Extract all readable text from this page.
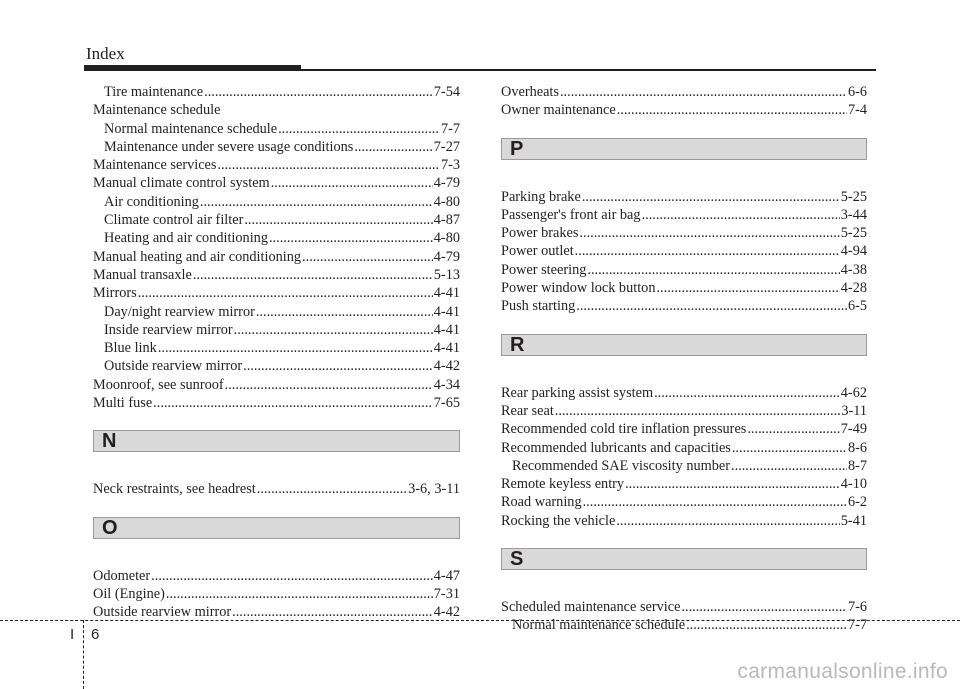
Index
Tire maintenance .....	7-54
Maintenance schedule
Normal maintenance schedule .....	7-7
Maintenance under severe usage conditions .....	7-27
Maintenance services .....	7-3
Manual climate control system .....	4-79
Air conditioning .....	4-80
Climate control air filter .....	4-87
Heating and air conditioning .....	4-80
Manual heating and air conditioning .....	4-79
Manual transaxle .....	5-13
Mirrors .....	4-41
Day/night rearview mirror .....	4-41
Inside rearview mirror .....	4-41
Blue link .....	4-41
Outside rearview mirror .....	4-42
Moonroof, see sunroof .....	4-34
Multi fuse .....	7-65
N
Neck restraints, see headrest .....	3-6, 3-11
O
Odometer .....	4-47
Oil (Engine) .....	7-31
Outside rearview mirror .....	4-42
Overheats .....	6-6
Owner maintenance .....	7-4
P
Parking brake .....	5-25
Passenger's front air bag .....	3-44
Power brakes .....	5-25
Power outlet .....	4-94
Power steering .....	4-38
Power window lock button .....	4-28
Push starting .....	6-5
R
Rear parking assist system .....	4-62
Rear seat .....	3-11
Recommended cold tire inflation pressures .....	7-49
Recommended lubricants and capacities .....	8-6
Recommended SAE viscosity number .....	8-7
Remote keyless entry .....	4-10
Road warning .....	6-2
Rocking the vehicle .....	5-41
S
Scheduled maintenance service .....	7-6
Normal maintenance schedule .....	7-7
I 6
carmanualsonline.info
